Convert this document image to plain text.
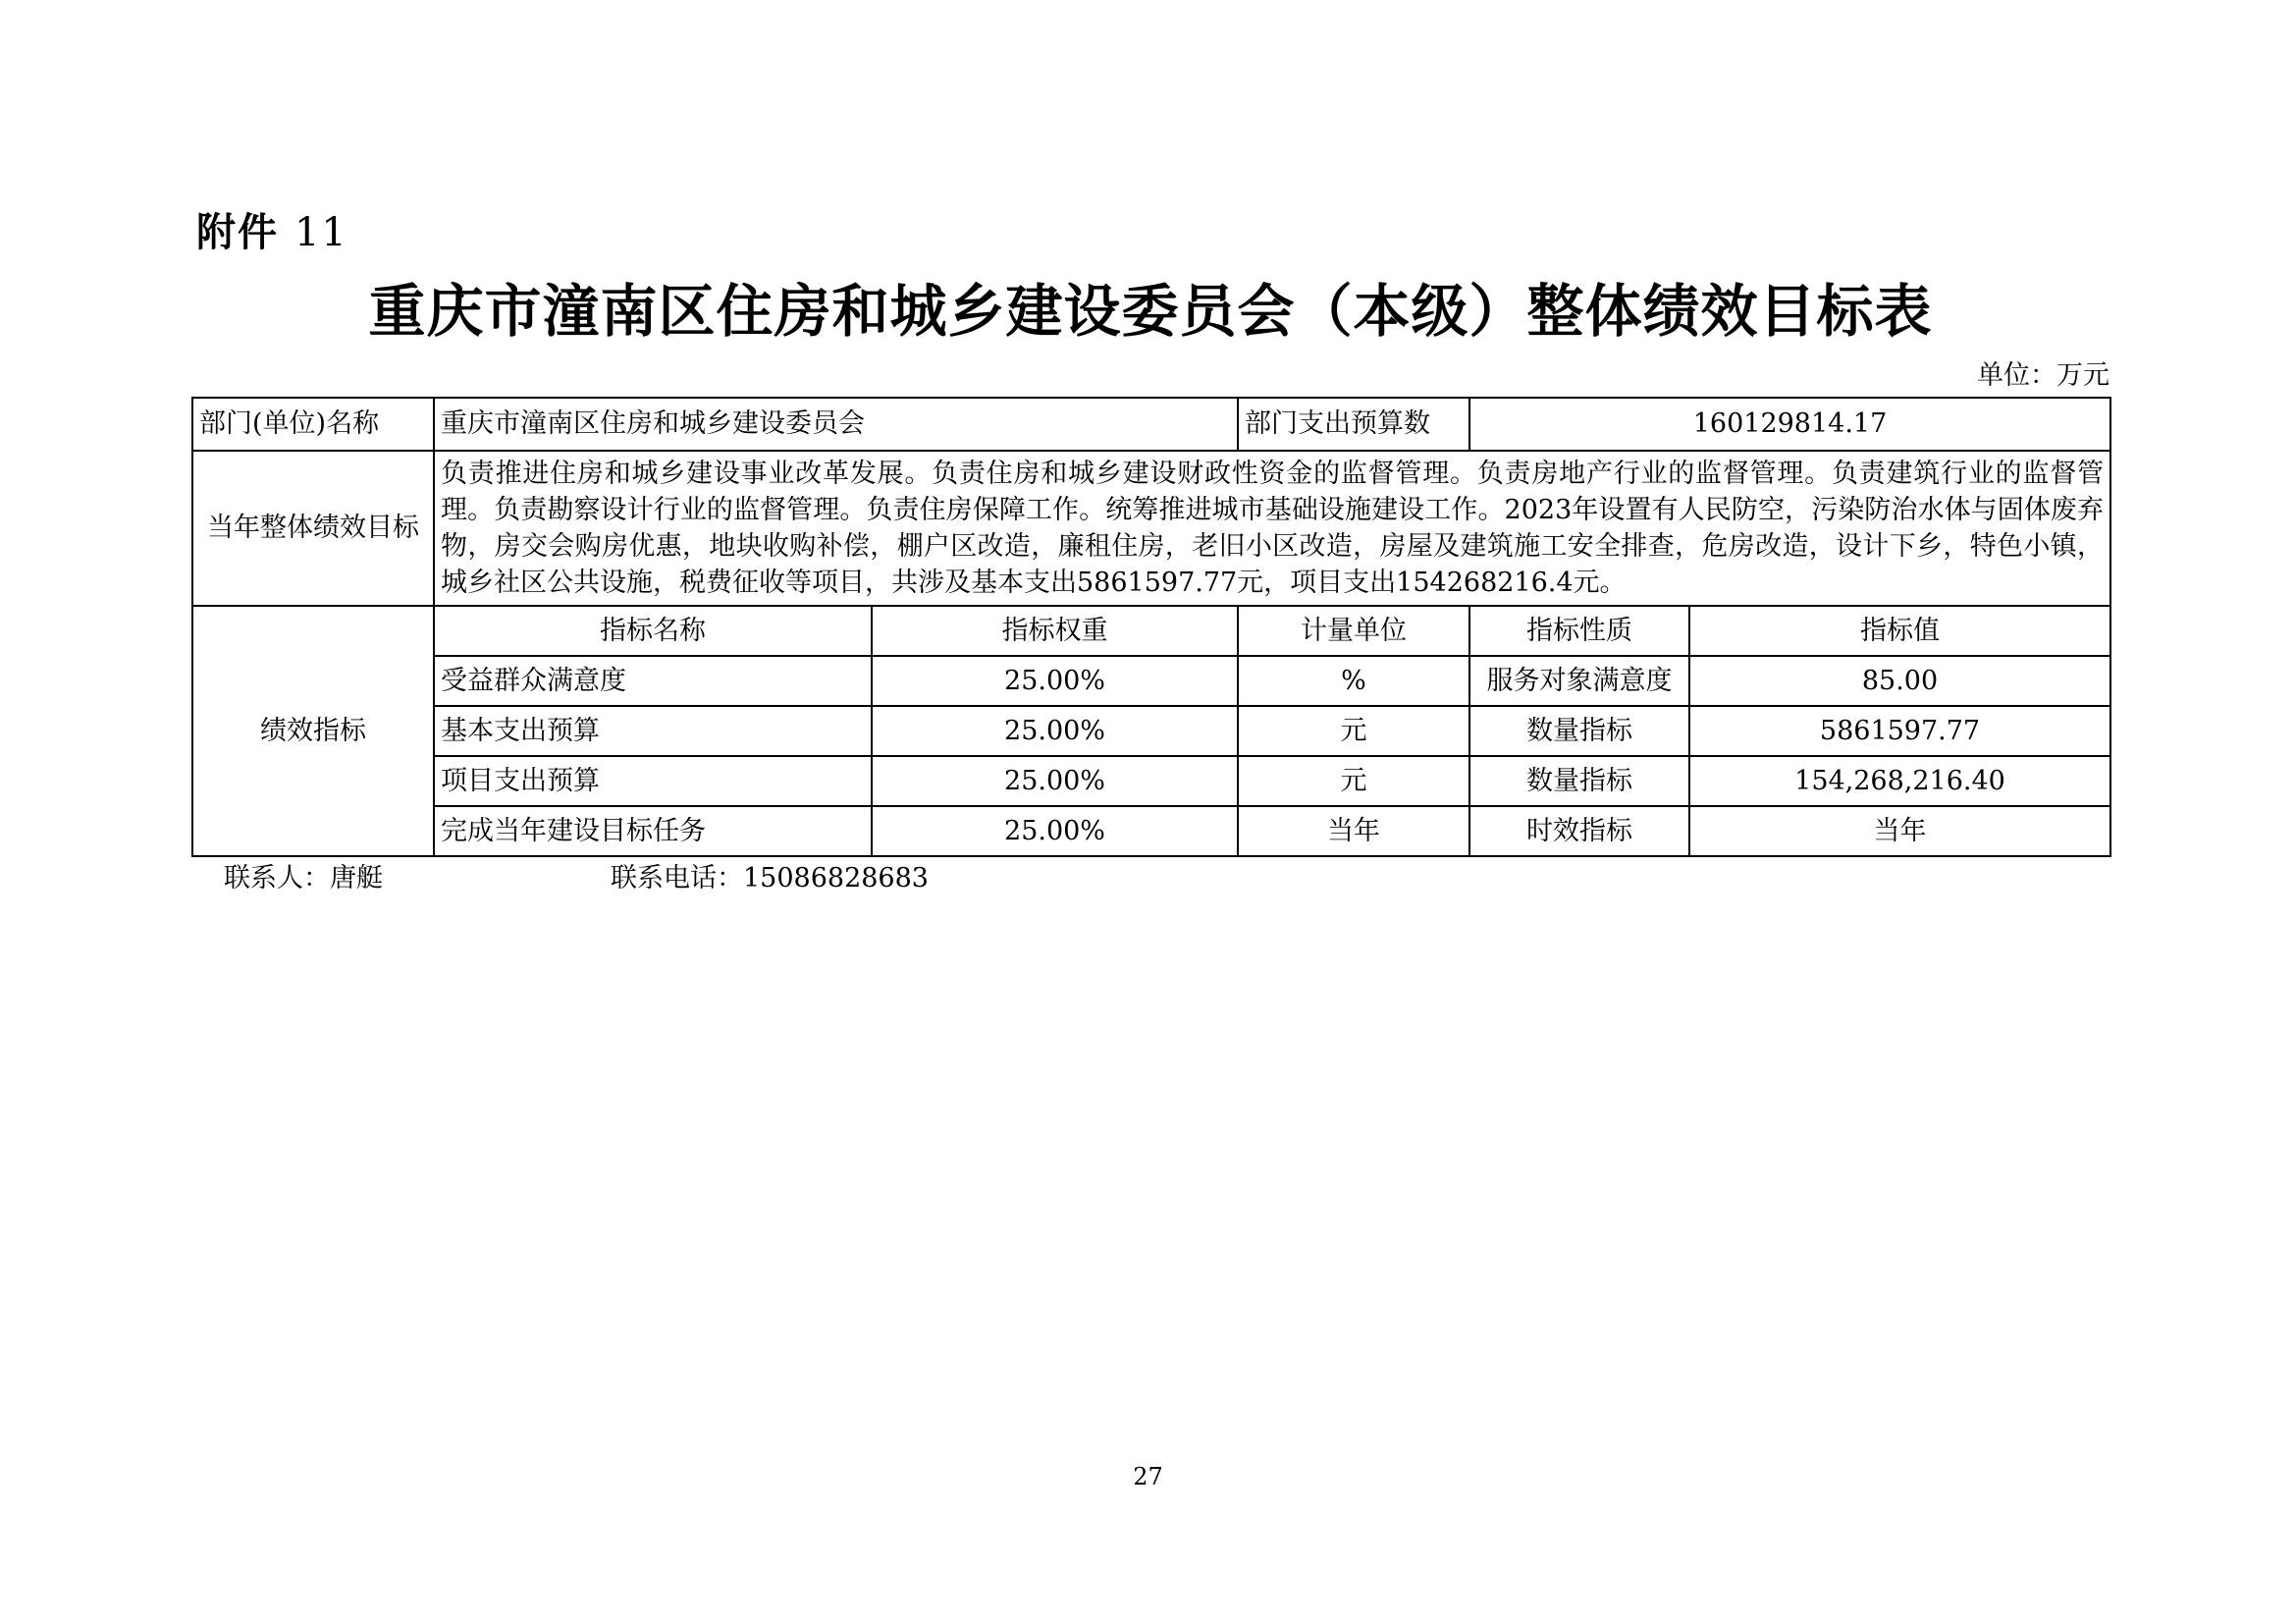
附件 11
重庆市潼南区住房和城乡建设委员会（本级）整体绩效目标表
单位：万元
部门(单位)名称	重庆市潼南区住房和城乡建设委员会		部门支出预算数	160129814.17	
当年整体绩效目标	负责推进住房和城乡建设事业改革发展。负责住房和城乡建设财政性资金的监督管理。负责房地产行业的监督管理。负责建筑行业的监督管理。负责勘察设计行业的监督管理。负责住房保障工作。统筹推进城市基础设施建设工作。2023年设置有人民防空，污染防治水体与固体废弃物，房交会购房优惠，地块收购补偿，棚户区改造，廉租住房，老旧小区改造，房屋及建筑施工安全排查，危房改造，设计下乡，特色小镇，城乡社区公共设施，税费征收等项目，共涉及基本支出5861597.77元，项目支出154268216.4元。				
绩效指标	指标名称	指标权重	计量单位	指标性质	指标值
	受益群众满意度	25.00%	%	服务对象满意度	85.00
	基本支出预算	25.00%	元	数量指标	5861597.77
	项目支出预算	25.00%	元	数量指标	154,268,216.40
	完成当年建设目标任务	25.00%	当年	时效指标	当年
联系人：唐艇	联系电话：15086828683
27
